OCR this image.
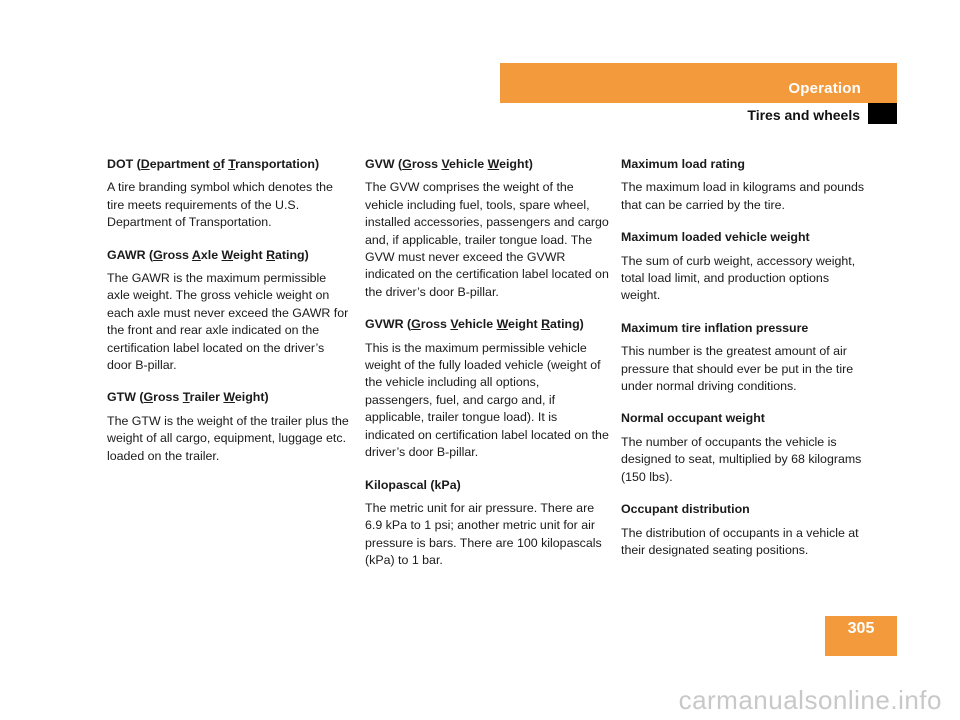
Operation
Tires and wheels

DOT (Department of Transportation)

A tire branding symbol which denotes the tire meets requirements of the U.S. Department of Transportation.

GAWR (Gross Axle Weight Rating)

The GAWR is the maximum permissible axle weight. The gross vehicle weight on each axle must never exceed the GAWR for the front and rear axle indicated on the certification label located on the driver’s door B-pillar.

GTW (Gross Trailer Weight)

The GTW is the weight of the trailer plus the weight of all cargo, equipment, luggage etc. loaded on the trailer.

GVW (Gross Vehicle Weight)

The GVW comprises the weight of the vehicle including fuel, tools, spare wheel, installed accessories, passengers and cargo and, if applicable, trailer tongue load. The GVW must never exceed the GVWR indicated on the certification label located on the driver’s door B-pillar.

GVWR (Gross Vehicle Weight Rating)

This is the maximum permissible vehicle weight of the fully loaded vehicle (weight of the vehicle including all options, passengers, fuel, and cargo and, if applicable, trailer tongue load). It is indicated on certification label located on the driver’s door B-pillar.

Kilopascal (kPa)

The metric unit for air pressure. There are 6.9 kPa to 1 psi; another metric unit for air pressure is bars. There are 100 kilopascals (kPa) to 1 bar.

Maximum load rating

The maximum load in kilograms and pounds that can be carried by the tire.

Maximum loaded vehicle weight

The sum of curb weight, accessory weight, total load limit, and production options weight.

Maximum tire inflation pressure

This number is the greatest amount of air pressure that should ever be put in the tire under normal driving conditions.

Normal occupant weight

The number of occupants the vehicle is designed to seat, multiplied by 68 kilograms (150 lbs).

Occupant distribution

The distribution of occupants in a vehicle at their designated seating positions.

305
carmanualsonline.info
